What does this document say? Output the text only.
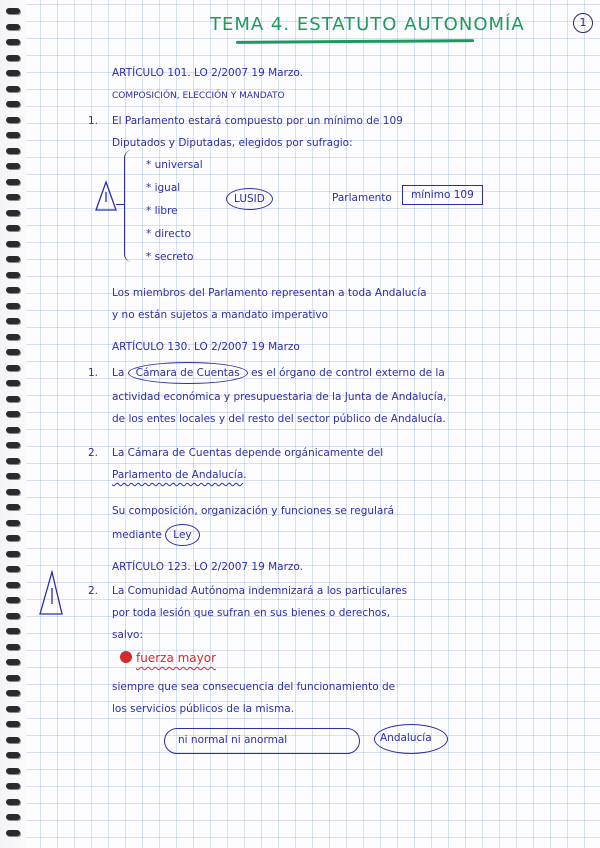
TEMA 4. ESTATUTO AUTONOMÍA	1
ARTÍCULO 101. LO 2/2007 19 Marzo.
COMPOSICIÓN, ELECCIÓN Y MANDATO
1. El Parlamento estará compuesto por un mínimo de 109
Diputados y Diputadas, elegidos por sufragio:
* universal
* igual
* libre
* directo
* secreto
LUSID	Parlamento	mínimo 109
Los miembros del Parlamento representan a toda Andalucía
y no están sujetos a mandato imperativo
ARTÍCULO 130. LO 2/2007 19 Marzo
1. La Cámara de Cuentas es el órgano de control externo de la
actividad económica y presupuestaria de la Junta de Andalucía,
de los entes locales y del resto del sector público de Andalucía.
2. La Cámara de Cuentas depende orgánicamente del
Parlamento de Andalucía.
Su composición, organización y funciones se regulará
mediante Ley
ARTÍCULO 123. LO 2/2007 19 Marzo.
2. La Comunidad Autónoma indemnizará a los particulares
por toda lesión que sufran en sus bienes o derechos,
salvo:
fuerza mayor
siempre que sea consecuencia del funcionamiento de
los servicios públicos de la misma.
ni normal ni anormal	Andalucía
